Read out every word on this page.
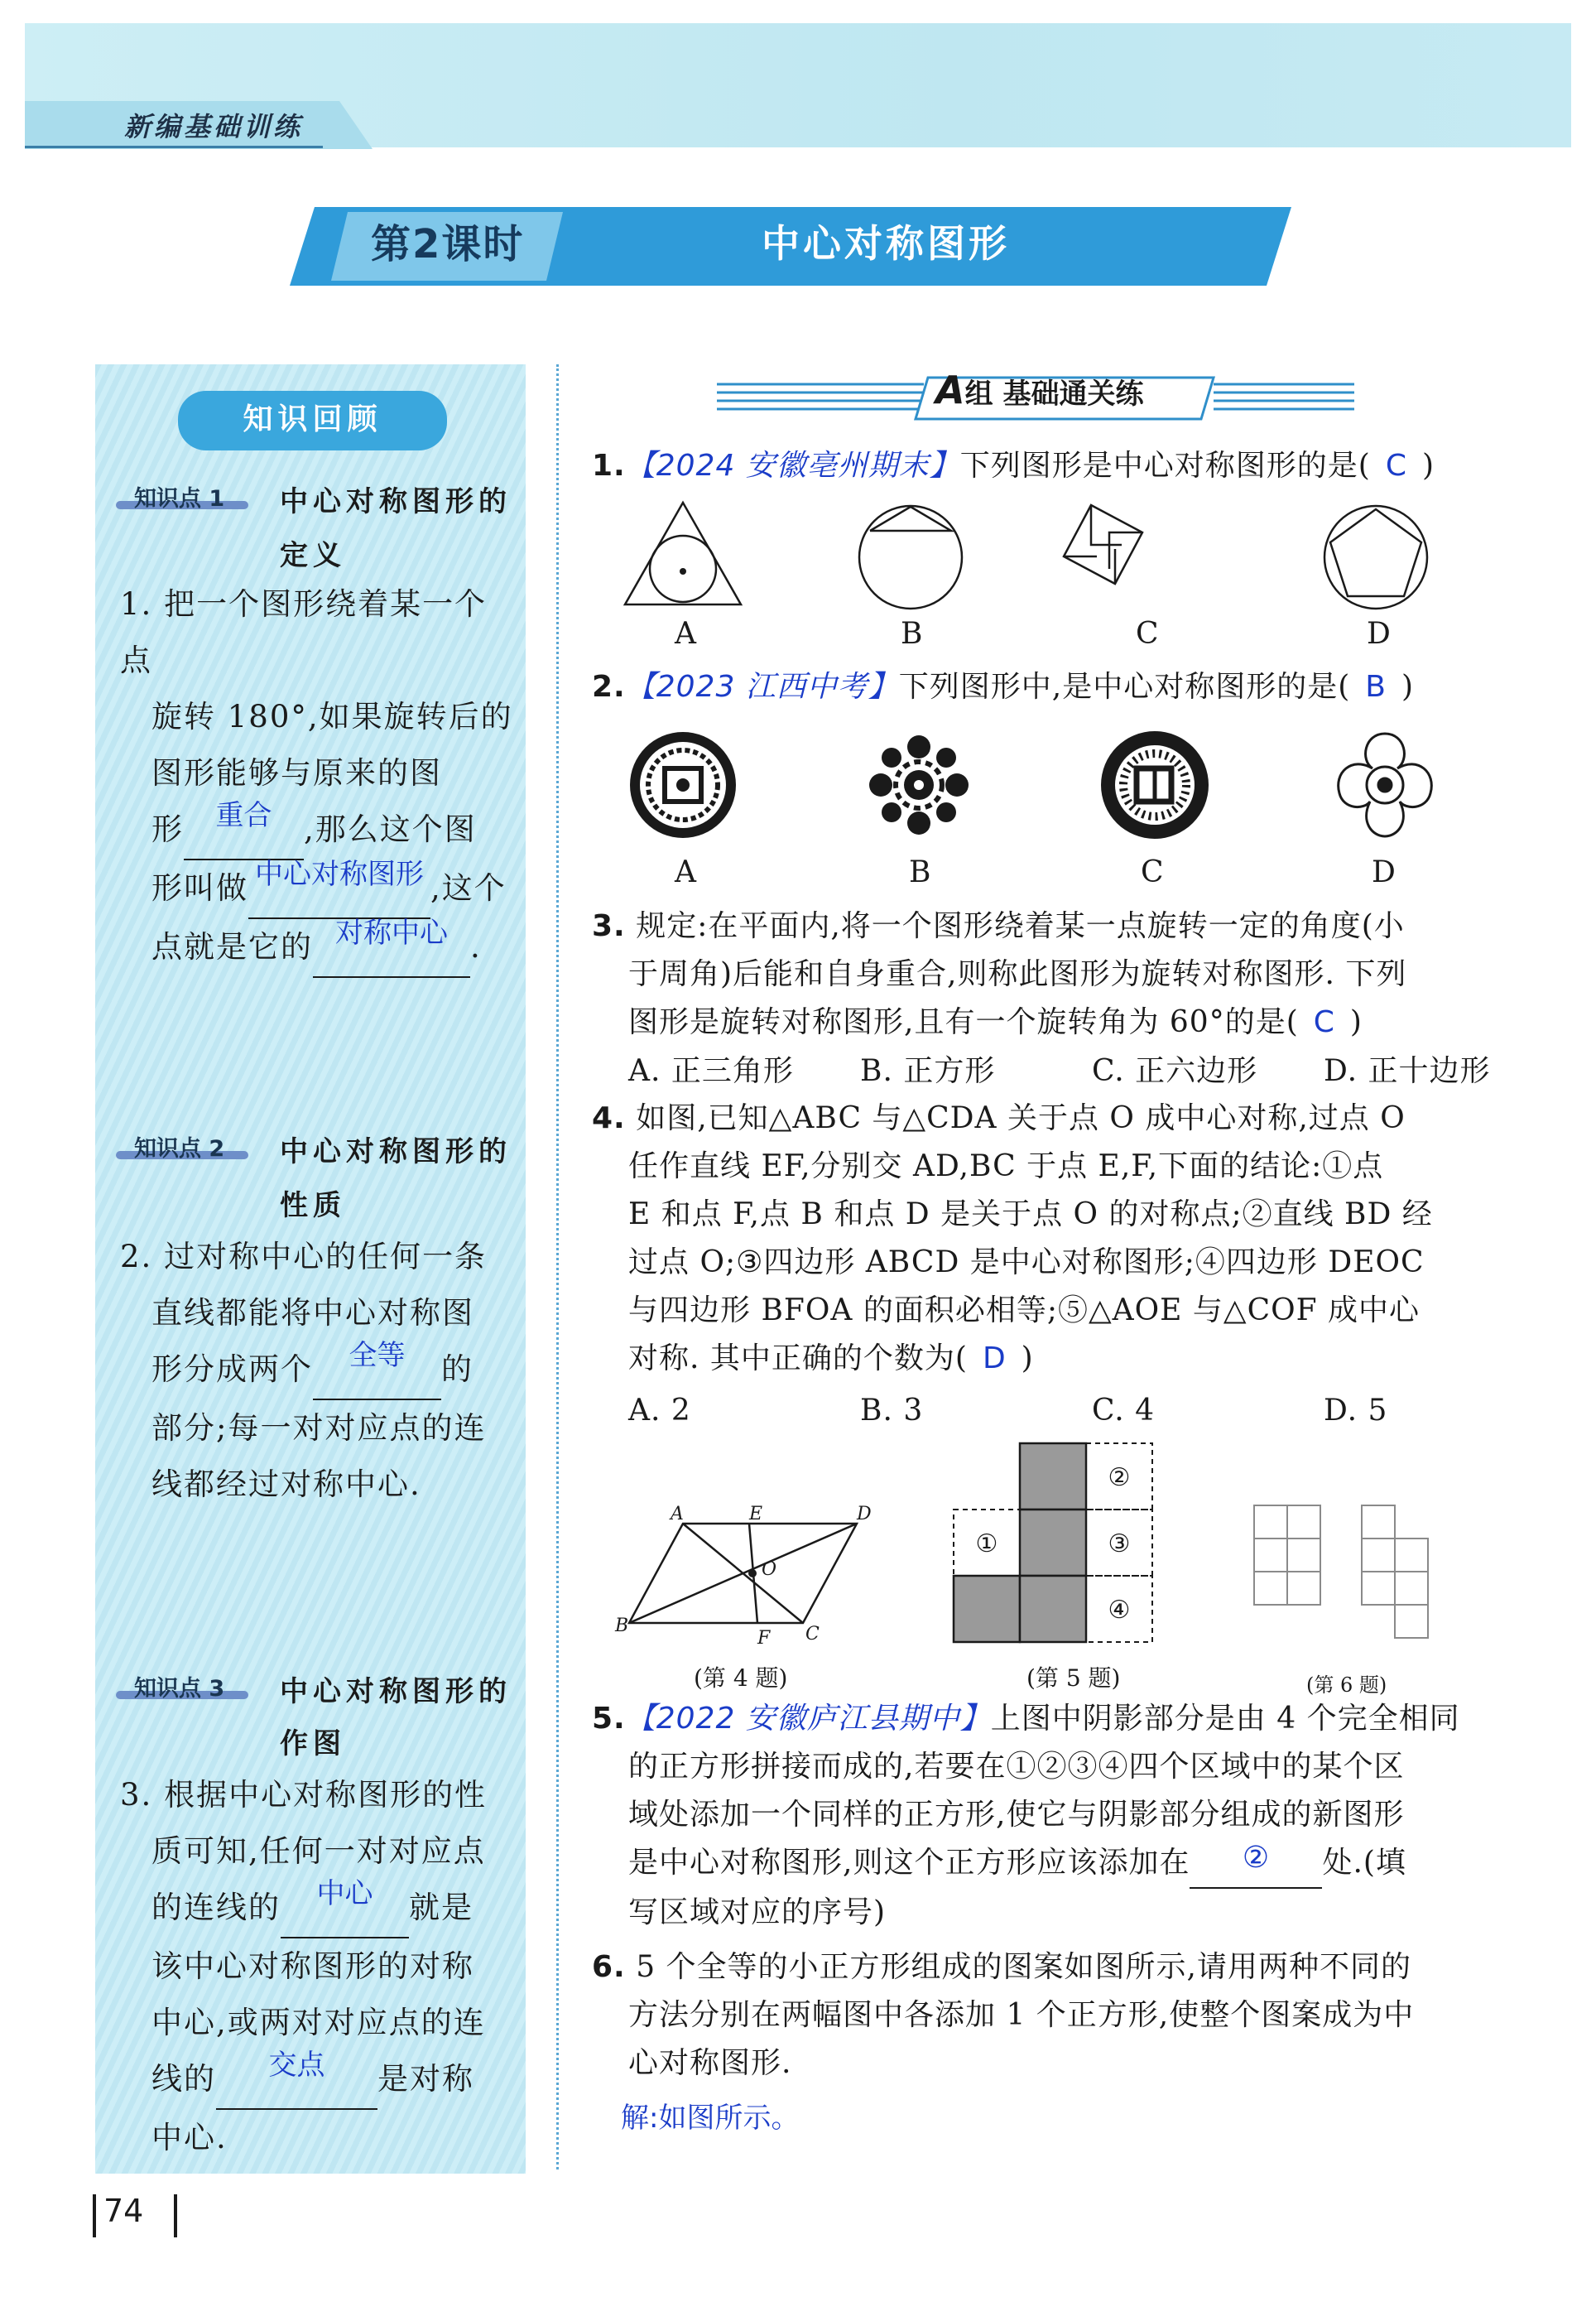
新编基础训练
第2课时	中心对称图形
知识回顾
知识点 1 中心对称图形的
定义
1. 把一个图形绕着某一个点
旋转 180°,如果旋转后的
图形能够与原来的图
形 重合 ,那么这个图
形叫做 中心对称图形 ,这个
点就是它的 对称中心 .
知识点 2 中心对称图形的
性质
2. 过对称中心的任何一条
直线都能将中心对称图
形分成两个 全等 的
部分;每一对对应点的连
线都经过对称中心.
知识点 3 中心对称图形的
作图
3. 根据中心对称图形的性
质可知,任何一对对应点
的连线的 中心 就是
该中心对称图形的对称
中心,或两对对应点的连
线的 交点 是对称
中心.
A组 基础通关练
1.【2024 安徽亳州期末】下列图形是中心对称图形的是( C )
A	B	C	D
2.【2023 江西中考】下列图形中,是中心对称图形的是( B )
A	B	C	D
3. 规定:在平面内,将一个图形绕着某一点旋转一定的角度(小
于周角)后能和自身重合,则称此图形为旋转对称图形. 下列
图形是旋转对称图形,且有一个旋转角为 60°的是( C )
A. 正三角形 B. 正方形	C. 正六边形 D. 正十边形
4. 如图,已知△ABC 与△CDA 关于点 O 成中心对称,过点 O
任作直线 EF,分别交 AD,BC 于点 E,F,下面的结论:①点
E 和点 F,点 B 和点 D 是关于点 O 的对称点;②直线 BD 经
过点 O;③四边形 ABCD 是中心对称图形;④四边形 DEOC
与四边形 BFOA 的面积必相等;⑤△AOE 与△COF 成中心
对称. 其中正确的个数为( D )
A. 2	B. 3	C. 4	D. 5
A	E	D
O
B
F C
(第 4 题)
①
②
③
④
(第 5 题)	(第 6 题)
5.【2022 安徽庐江县期中】上图中阴影部分是由 4 个完全相同
的正方形拼接而成的,若要在①②③④四个区域中的某个区
域处添加一个同样的正方形,使它与阴影部分组成的新图形
是中心对称图形,则这个正方形应该添加在 ② 处.(填
写区域对应的序号)
6. 5 个全等的小正方形组成的图案如图所示,请用两种不同的
方法分别在两幅图中各添加 1 个正方形,使整个图案成为中
心对称图形.
解:如图所示。
74
